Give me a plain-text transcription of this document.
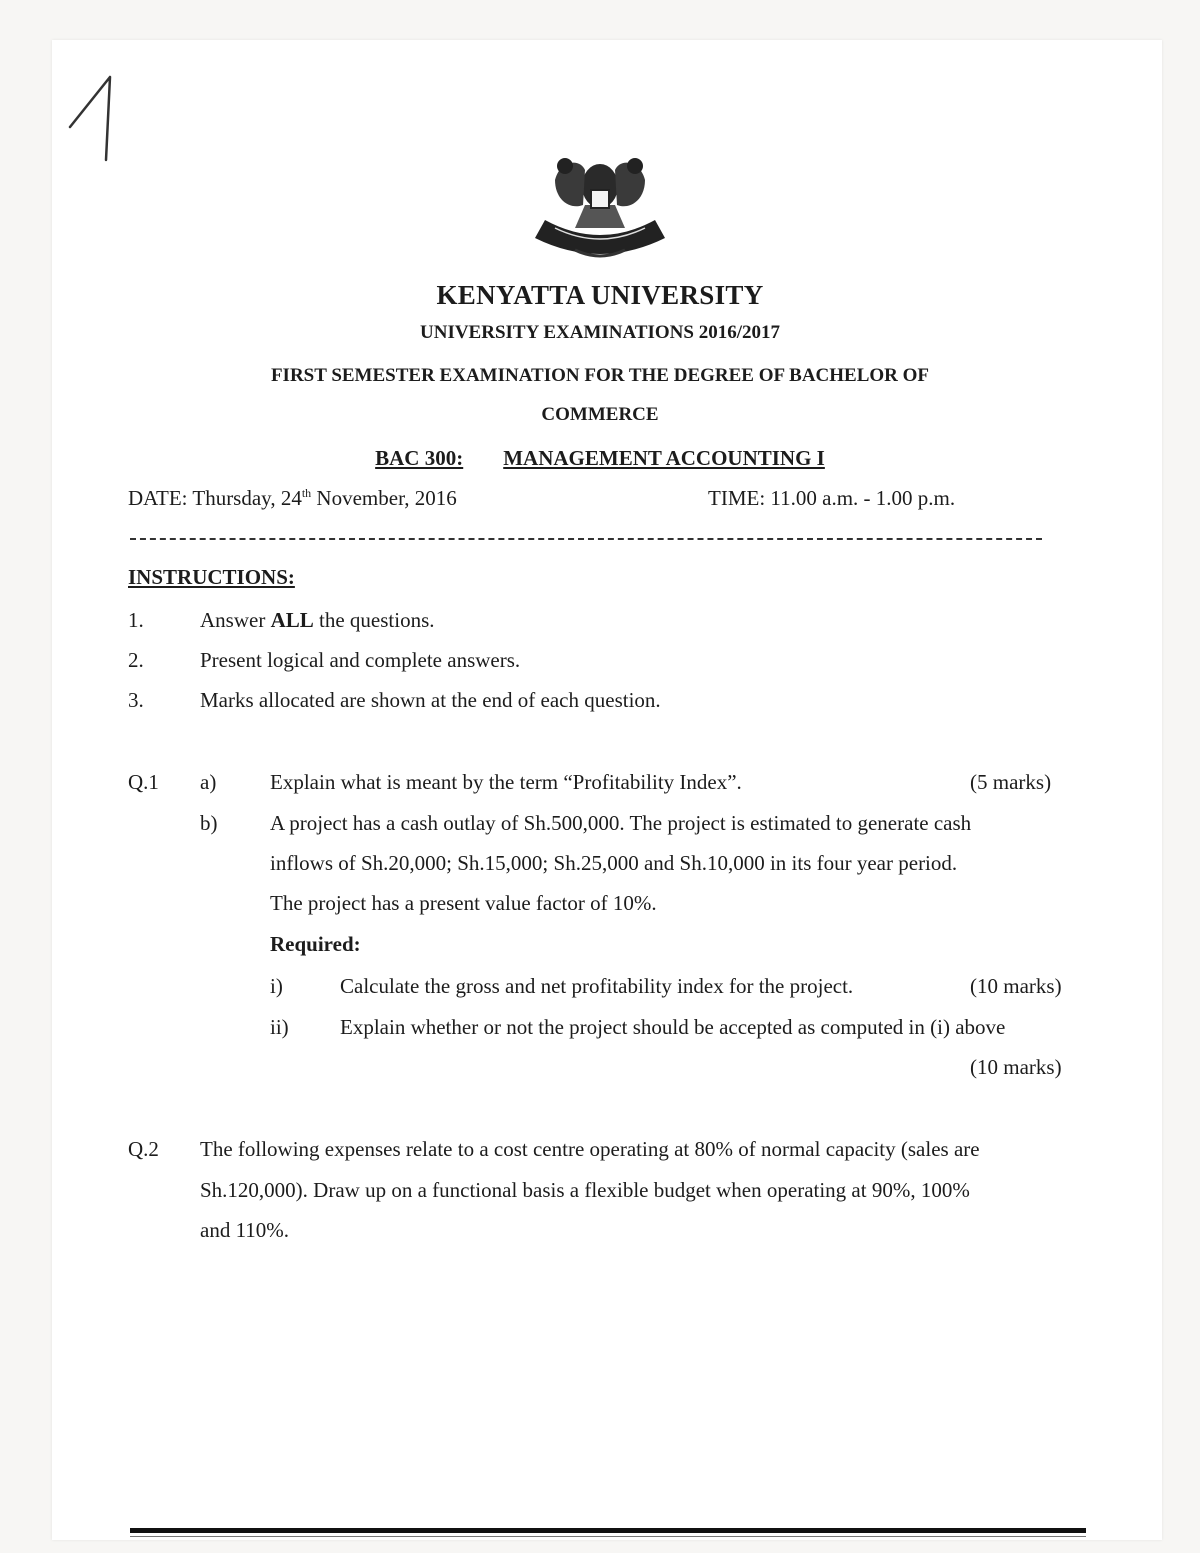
KENYATTA UNIVERSITY
UNIVERSITY EXAMINATIONS 2016/2017
FIRST SEMESTER EXAMINATION FOR THE DEGREE OF BACHELOR OF
COMMERCE
BAC 300: MANAGEMENT ACCOUNTING I
DATE: Thursday, 24th November, 2016	TIME: 11.00 a.m. - 1.00 p.m.
INSTRUCTIONS:
1.	Answer ALL the questions.
2.	Present logical and complete answers.
3.	Marks allocated are shown at the end of each question.
Q.1 a)	Explain what is meant by the term “Profitability Index”.	(5 marks)
b)	A project has a cash outlay of Sh.500,000. The project is estimated to generate cash
inflows of Sh.20,000; Sh.15,000; Sh.25,000 and Sh.10,000 in its four year period.
The project has a present value factor of 10%.
Required:
i)	Calculate the gross and net profitability index for the project.	(10 marks)
ii) Explain whether or not the project should be accepted as computed in (i) above
(10 marks)
Q.2 The following expenses relate to a cost centre operating at 80% of normal capacity (sales are
Sh.120,000). Draw up on a functional basis a flexible budget when operating at 90%, 100%
and 110%.
